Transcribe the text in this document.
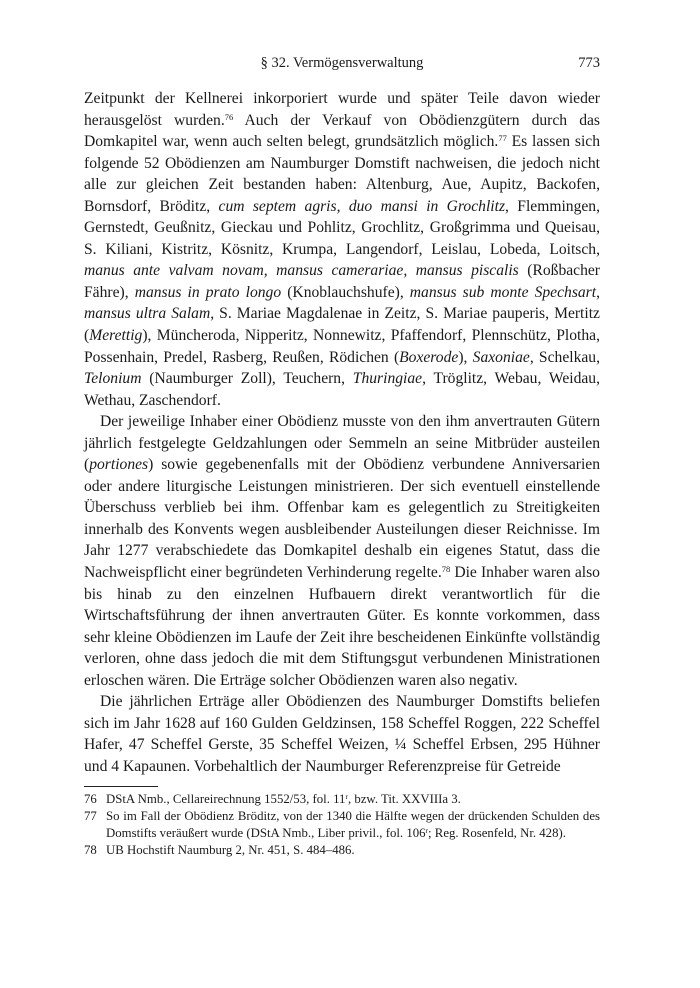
§ 32. Vermögensverwaltung	773

Zeitpunkt der Kellnerei inkorporiert wurde und später Teile davon wieder herausgelöst wurden.$^{76}$ Auch der Verkauf von Obödienzgütern durch das Domkapitel war, wenn auch selten belegt, grundsätzlich möglich.$^{77}$ Es lassen sich folgende 52 Obödienzen am Naumburger Domstift nachweisen, die jedoch nicht alle zur gleichen Zeit bestanden haben: Altenburg, Aue, Aupitz, Backofen, Bornsdorf, Bröditz, cum septem agris, duo mansi in Grochlitz, Flemmingen, Gernstedt, Geußnitz, Gieckau und Pohlitz, Grochlitz, Großgrimma und Queisau, S. Kiliani, Kistritz, Kösnitz, Krumpa, Langendorf, Leislau, Lobeda, Loitsch, manus ante valvam novam, mansus camerariae, mansus piscalis (Roßbacher Fähre), mansus in prato longo (Knoblauchshufe), mansus sub monte Spechsart, mansus ultra Salam, S. Mariae Magdalenae in Zeitz, S. Mariae pauperis, Mertitz (Merettig), Müncheroda, Nipperitz, Nonnewitz, Pfaffendorf, Plennschütz, Plotha, Possenhain, Predel, Rasberg, Reußen, Rödichen (Boxerode), Saxoniae, Schelkau, Telonium (Naumburger Zoll), Teuchern, Thuringiae, Tröglitz, Webau, Weidau, Wethau, Zaschendorf.

Der jeweilige Inhaber einer Obödienz musste von den ihm anvertrauten Gütern jährlich festgelegte Geldzahlungen oder Semmeln an seine Mitbrüder austeilen (portiones) sowie gegebenenfalls mit der Obödienz verbundene Anniversarien oder andere liturgische Leistungen ministrieren. Der sich eventuell einstellende Überschuss verblieb bei ihm. Offenbar kam es gelegentlich zu Streitigkeiten innerhalb des Konvents wegen ausbleibender Austeilungen dieser Reichnisse. Im Jahr 1277 verabschiedete das Domkapitel deshalb ein eigenes Statut, dass die Nachweispflicht einer begründeten Verhinderung regelte.$^{78}$ Die Inhaber waren also bis hinab zu den einzelnen Hufbauern direkt verantwortlich für die Wirtschaftsführung der ihnen anvertrauten Güter. Es konnte vorkommen, dass sehr kleine Obödienzen im Laufe der Zeit ihre bescheidenen Einkünfte vollständig verloren, ohne dass jedoch die mit dem Stiftungsgut verbundenen Ministrationen erloschen wären. Die Erträge solcher Obödienzen waren also negativ.

Die jährlichen Erträge aller Obödienzen des Naumburger Domstifts beliefen sich im Jahr 1628 auf 160 Gulden Geldzinsen, 158 Scheffel Roggen, 222 Scheffel Hafer, 47 Scheffel Gerste, 35 Scheffel Weizen, ¼ Scheffel Erbsen, 295 Hühner und 4 Kapaunen. Vorbehaltlich der Naumburger Referenzpreise für Getreide

76 DStA Nmb., Cellareirechnung 1552/53, fol. 11$^r$, bzw. Tit. XXVIIIa 3.
77 So im Fall der Obödienz Bröditz, von der 1340 die Hälfte wegen der drückenden Schulden des Domstifts veräußert wurde (DStA Nmb., Liber privil., fol. 106$^r$; Reg. Rosenfeld, Nr. 428).
78 UB Hochstift Naumburg 2, Nr. 451, S. 484–486.
